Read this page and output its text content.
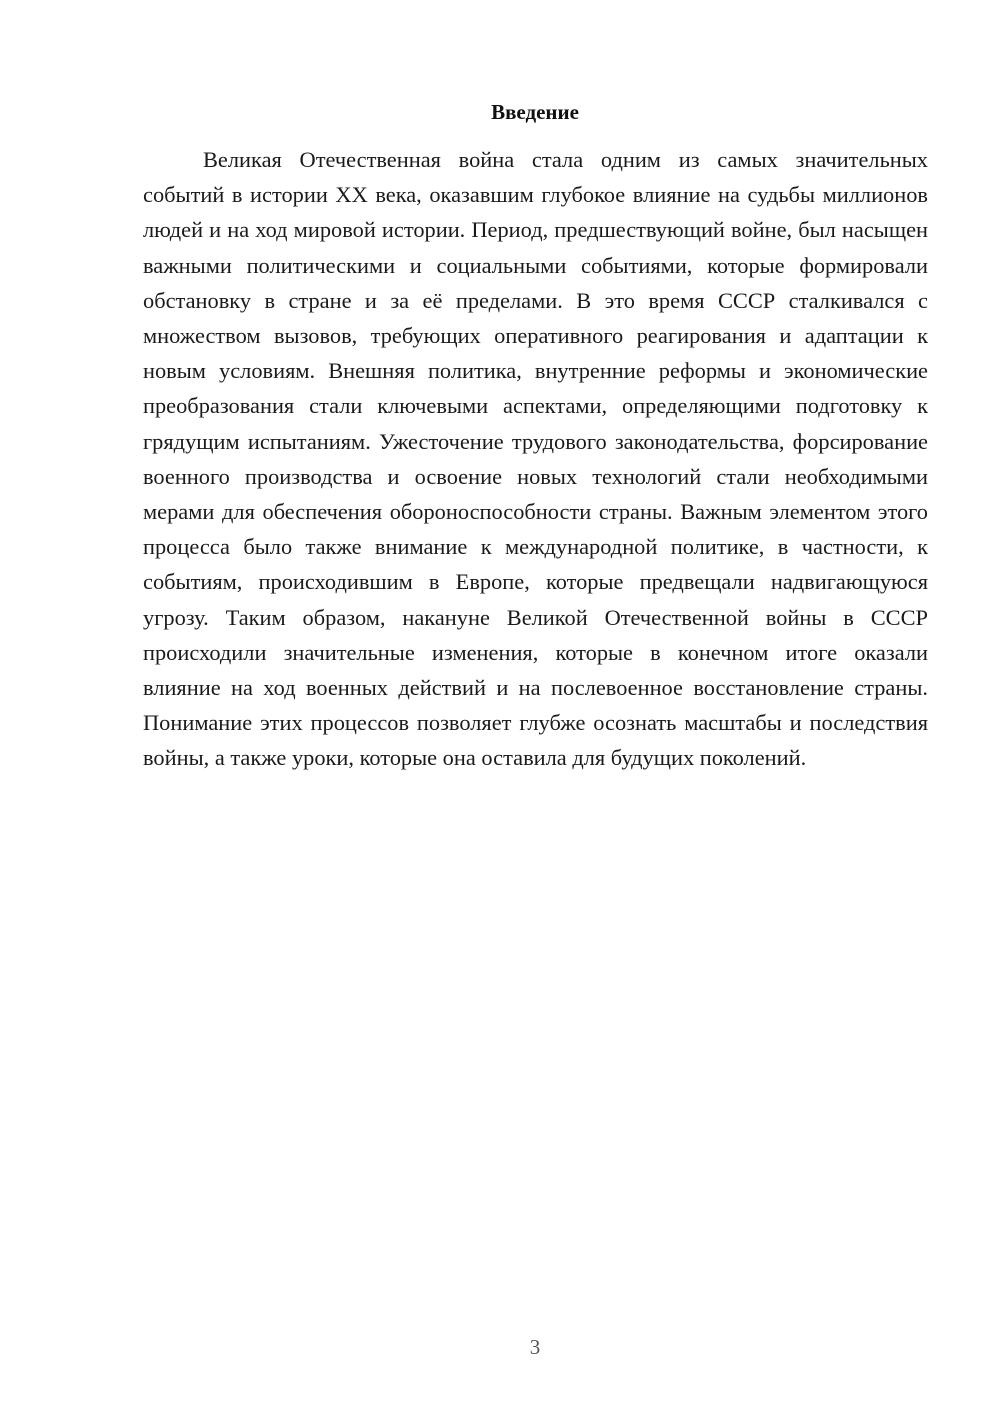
Введение

Великая Отечественная война стала одним из самых значительных событий в истории XX века, оказавшим глубокое влияние на судьбы миллионов людей и на ход мировой истории. Период, предшествующий войне, был насыщен важными политическими и социальными событиями, которые формировали обстановку в стране и за её пределами. В это время СССР сталкивался с множеством вызовов, требующих оперативного реагирования и адаптации к новым условиям. Внешняя политика, внутренние реформы и экономические преобразования стали ключевыми аспектами, определяющими подготовку к грядущим испытаниям. Ужесточение трудового законодательства, форсирование военного производства и освоение новых технологий стали необходимыми мерами для обеспечения обороноспособности страны. Важным элементом этого процесса было также внимание к международной политике, в частности, к событиям, происходившим в Европе, которые предвещали надвигающуюся угрозу. Таким образом, накануне Великой Отечественной войны в СССР происходили значительные изменения, которые в конечном итоге оказали влияние на ход военных действий и на послевоенное восстановление страны. Понимание этих процессов позволяет глубже осознать масштабы и последствия войны, а также уроки, которые она оставила для будущих поколений.

3
